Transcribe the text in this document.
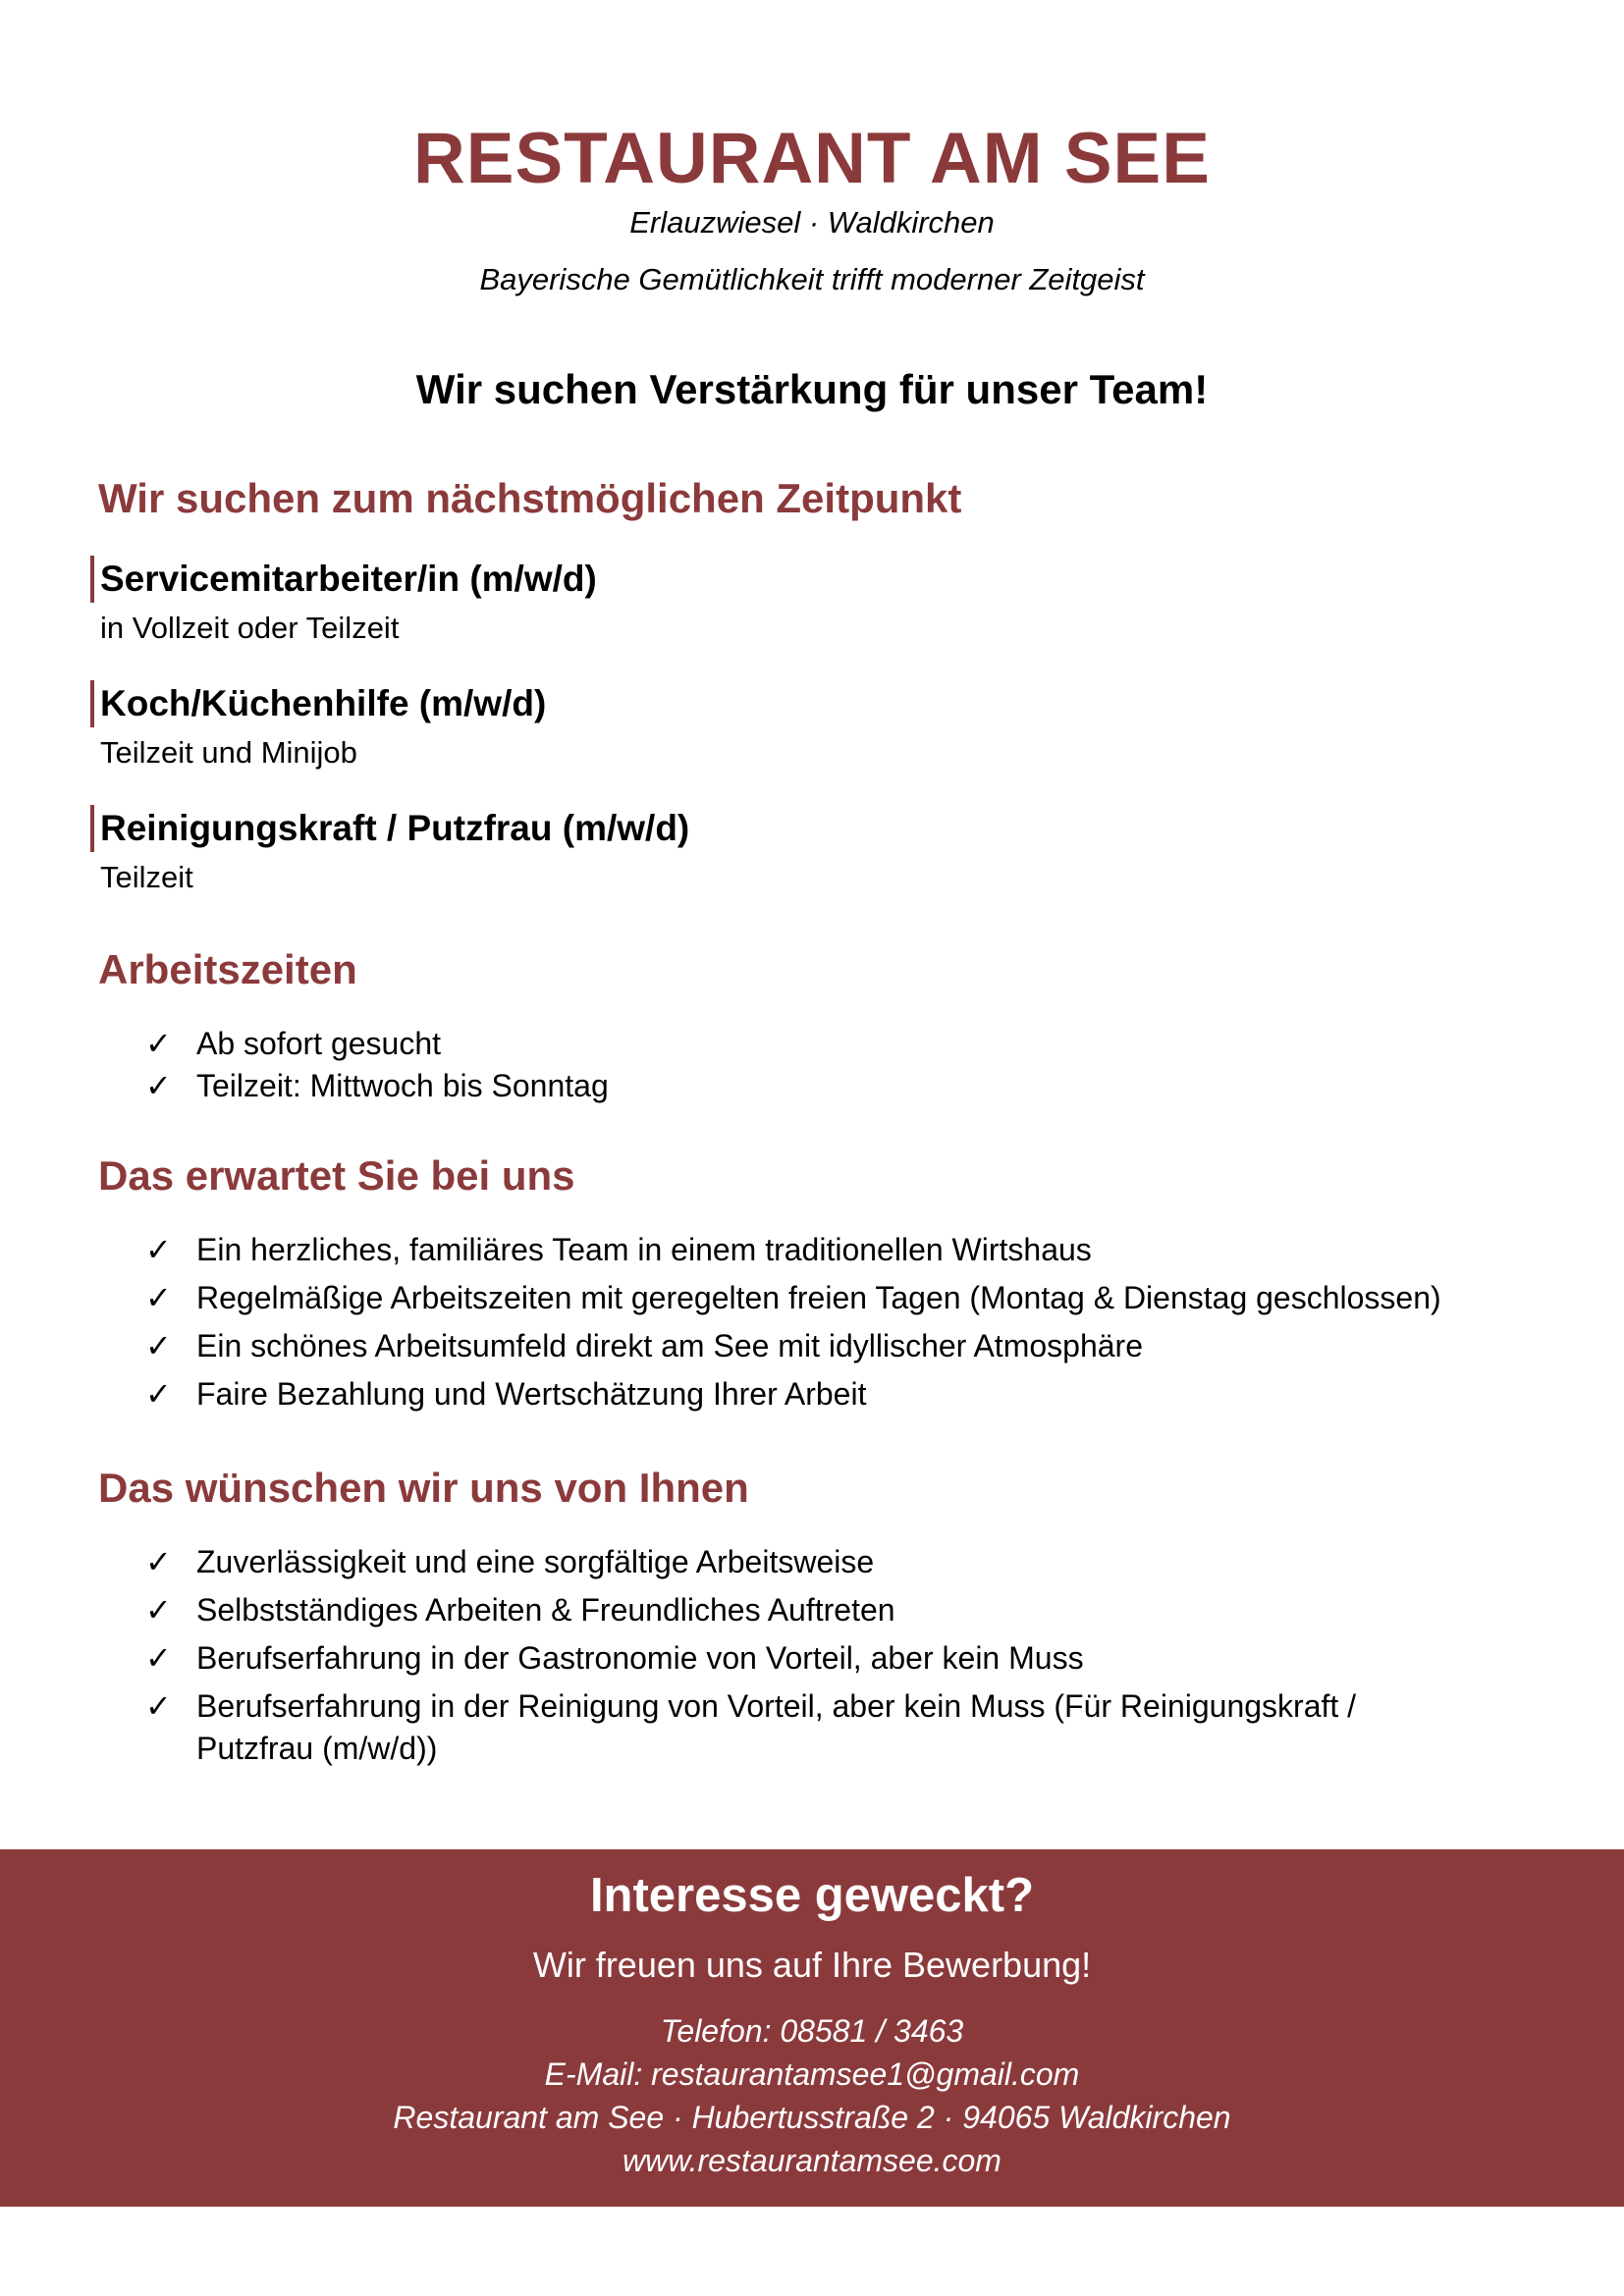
RESTAURANT AM SEE
Erlauzwiesel · Waldkirchen
Bayerische Gemütlichkeit trifft moderner Zeitgeist
Wir suchen Verstärkung für unser Team!
Wir suchen zum nächstmöglichen Zeitpunkt
Servicemitarbeiter/in (m/w/d)
in Vollzeit oder Teilzeit
Koch/Küchenhilfe (m/w/d)
Teilzeit und Minijob
Reinigungskraft / Putzfrau (m/w/d)
Teilzeit
Arbeitszeiten
✓ Ab sofort gesucht
✓ Teilzeit: Mittwoch bis Sonntag
Das erwartet Sie bei uns
✓ Ein herzliches, familiäres Team in einem traditionellen Wirtshaus
✓ Regelmäßige Arbeitszeiten mit geregelten freien Tagen (Montag & Dienstag geschlossen)
✓ Ein schönes Arbeitsumfeld direkt am See mit idyllischer Atmosphäre
✓ Faire Bezahlung und Wertschätzung Ihrer Arbeit
Das wünschen wir uns von Ihnen
✓ Zuverlässigkeit und eine sorgfältige Arbeitsweise
✓ Selbstständiges Arbeiten & Freundliches Auftreten
✓ Berufserfahrung in der Gastronomie von Vorteil, aber kein Muss
✓ Berufserfahrung in der Reinigung von Vorteil, aber kein Muss (Für Reinigungskraft / Putzfrau (m/w/d))
Interesse geweckt?
Wir freuen uns auf Ihre Bewerbung!
Telefon: 08581 / 3463
E-Mail: restaurantamsee1@gmail.com
Restaurant am See · Hubertusstraße 2 · 94065 Waldkirchen
www.restaurantamsee.com
